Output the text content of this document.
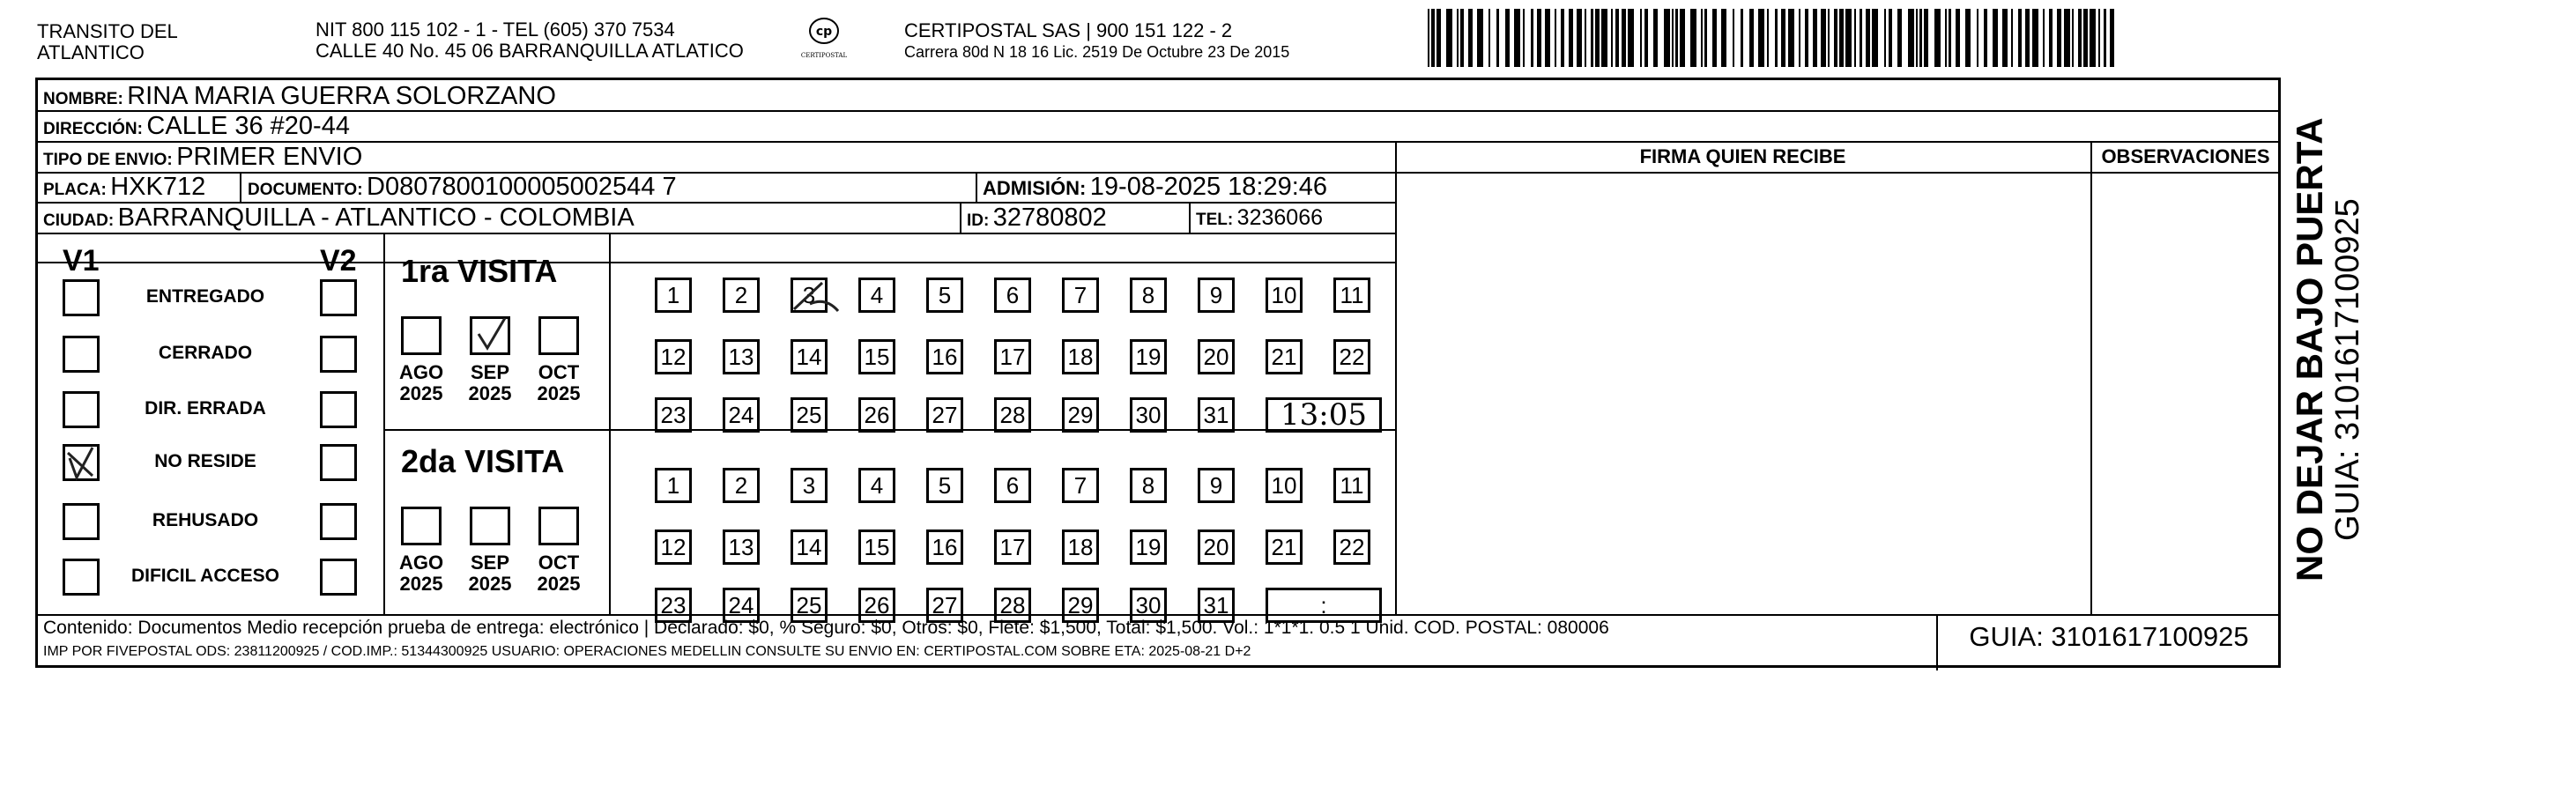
TRANSITO DEL
ATLANTICO
NIT 800 115 102 - 1 - TEL (605) 370 7534
CALLE 40 No. 45 06 BARRANQUILLA ATLATICO
cp
CERTIPOSTAL
CERTIPOSTAL SAS | 900 151 122 - 2
Carrera 80d N 18 16 Lic. 2519 De Octubre 23 De 2015
NOMBRE: RINA MARIA GUERRA SOLORZANO
DIRECCIÓN: CALLE 36 #20-44
TIPO DE ENVIO: PRIMER ENVIO	FIRMA QUIEN RECIBE	OBSERVACIONES
PLACA: HXK712	DOCUMENTO: D0807800100005002544 7	ADMISIÓN: 19-08-2025 18:29:46
CIUDAD: BARRANQUILLA - ATLANTICO - COLOMBIA	ID: 32780802	TEL: 3236066
V1	V2
ENTREGADO
CERRADO
DIR. ERRADA
NO RESIDE
REHUSADO
DIFICIL ACCESO
1ra VISITA
AGO
2025
SEP
2025
OCT
2025
1	2	3	4	5	6	7	8	9	10 11
12 13 14 15 16 17 18 19 20 21 22
23 24 25 26 27 28 29 30 31	13:05
2da VISITA
AGO
2025
SEP
2025
OCT
2025
1	2	3	4	5	6	7	8	9	10 11
12 13 14 15 16 17 18 19 20 21 22
23 24 25 26 27 28 29 30 31	:
Contenido: Documentos Medio recepción prueba de entrega: electrónico | Declarado: $0, % Seguro: $0, Otros: $0, Flete: $1,500, Total: $1,500. Vol.: 1*1*1. 0.5 1 Unid. COD. POSTAL: 080006
IMP POR FIVEPOSTAL ODS: 23811200925 / COD.IMP.: 51344300925 USUARIO: OPERACIONES MEDELLIN CONSULTE SU ENVIO EN: CERTIPOSTAL.COM SOBRE ETA: 2025-08-21 D+2	GUIA: 3101617100925
NO DEJAR BAJO PUERTA GUIA: 3101617100925
